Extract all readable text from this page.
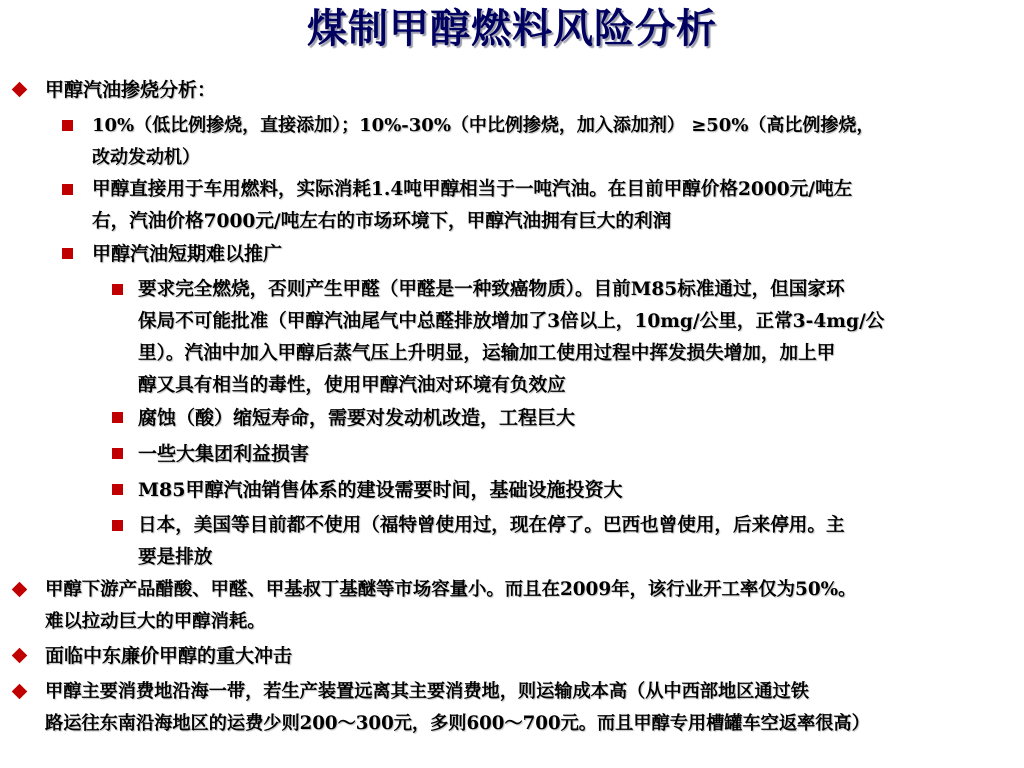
煤制甲醇燃料风险分析
甲醇汽油掺烧分析：
10%（低比例掺烧，直接添加）；10%-30%（中比例掺烧，加入添加剂） ≥50%（高比例掺烧，
改动发动机）
甲醇直接用于车用燃料，实际消耗1.4吨甲醇相当于一吨汽油。在目前甲醇价格2000元/吨左
右，汽油价格7000元/吨左右的市场环境下，甲醇汽油拥有巨大的利润
甲醇汽油短期难以推广
要求完全燃烧，否则产生甲醛（甲醛是一种致癌物质）。目前M85标准通过，但国家环
保局不可能批准（甲醇汽油尾气中总醛排放增加了3倍以上，10mg/公里，正常3-4mg/公
里）。汽油中加入甲醇后蒸气压上升明显，运输加工使用过程中挥发损失增加，加上甲
醇又具有相当的毒性，使用甲醇汽油对环境有负效应
腐蚀（酸）缩短寿命，需要对发动机改造，工程巨大
一些大集团利益损害
M85甲醇汽油销售体系的建设需要时间，基础设施投资大
日本，美国等目前都不使用（福特曾使用过，现在停了。巴西也曾使用，后来停用。主
要是排放
甲醇下游产品醋酸、甲醛、甲基叔丁基醚等市场容量小。而且在2009年，该行业开工率仅为50%。
难以拉动巨大的甲醇消耗。
面临中东廉价甲醇的重大冲击
甲醇主要消费地沿海一带，若生产装置远离其主要消费地，则运输成本高（从中西部地区通过铁
路运往东南沿海地区的运费少则200～300元，多则600～700元。而且甲醇专用槽罐车空返率很高）
